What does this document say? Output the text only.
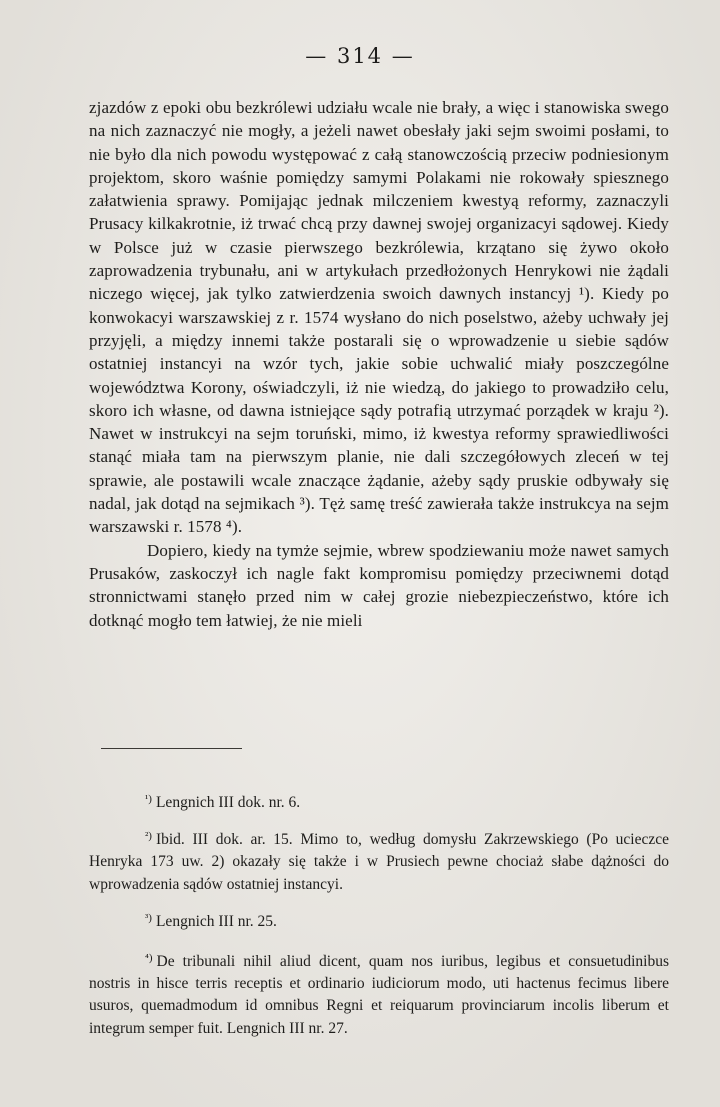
— 314 —

zjazdów z epoki obu bezkrólewi udziału wcale nie brały, a więc i stanowiska swego na nich zaznaczyć nie mogły, a jeżeli nawet obesłały jaki sejm swoimi posłami, to nie było dla nich powodu występować z całą stanowczością przeciw podniesionym projektom, skoro waśnie pomiędzy samymi Polakami nie rokowały spiesznego załatwienia sprawy. Pomijając jednak milczeniem kwestyą reformy, zaznaczyli Prusacy kilkakrotnie, iż trwać chcą przy dawnej swojej organizacyi sądowej. Kiedy w Polsce już w czasie pierwszego bezkrólewia, krzątano się żywo około zaprowadzenia trybunału, ani w artykułach przedłożonych Henrykowi nie żądali niczego więcej, jak tylko zatwierdzenia swoich dawnych instancyj ¹). Kiedy po konwokacyi warszawskiej z r. 1574 wysłano do nich poselstwo, ażeby uchwały jej przyjęli, a między innemi także postarali się o wprowadzenie u siebie sądów ostatniej instancyi na wzór tych, jakie sobie uchwalić miały poszczególne województwa Korony, oświadczyli, iż nie wiedzą, do jakiego to prowadziło celu, skoro ich własne, od dawna istniejące sądy potrafią utrzymać porządek w kraju ²). Nawet w instrukcyi na sejm toruński, mimo, iż kwestya reformy sprawiedliwości stanąć miała tam na pierwszym planie, nie dali szczegółowych zleceń w tej sprawie, ale postawili wcale znaczące żądanie, ażeby sądy pruskie odbywały się nadal, jak dotąd na sejmikach ³). Tęż samę treść zawierała także instrukcya na sejm warszawski r. 1578 ⁴).

Dopiero, kiedy na tymże sejmie, wbrew spodziewaniu może nawet samych Prusaków, zaskoczył ich nagle fakt kompromisu pomiędzy przeciwnemi dotąd stronnictwami stanęło przed nim w całej grozie niebezpieczeństwo, które ich dotknąć mogło tem łatwiej, że nie mieli

$^{^1)}$ Lengnich III dok. nr. 6.

$^{^2)}$ Ibid. III dok. ar. 15. Mimo to, według domysłu Zakrzewskiego (Po ucieczce Henryka 173 uw. 2) okazały się także i w Prusiech pewne chociaż słabe dążności do wprowadzenia sądów ostatniej instancyi.

$^{^3)}$ Lengnich III nr. 25.

$^{^4)}$ De tribunali nihil aliud dicent, quam nos iuribus, legibus et consuetudinibus nostris in hisce terris receptis et ordinario iudiciorum modo, uti hactenus fecimus libere usuros, quemadmodum id omnibus Regni et reiquarum provinciarum incolis liberum et integrum semper fuit. Lengnich III nr. 27.
